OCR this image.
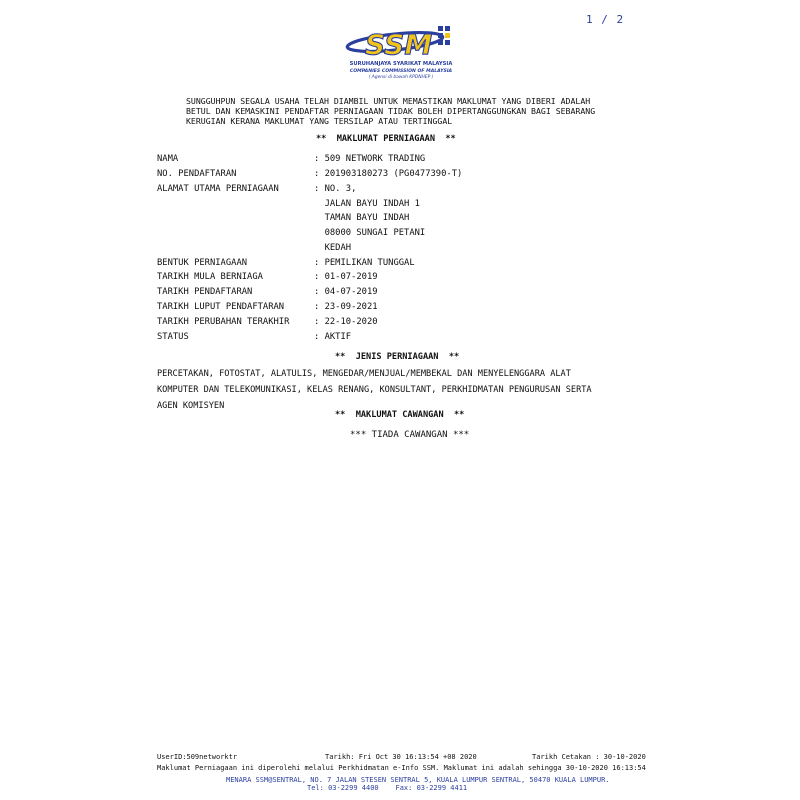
1 / 2
SSM
SURUHANJAYA SYARIKAT MALAYSIA
COMPANIES COMMISSION OF MALAYSIA
( Agensi di bawah KPDNHEP )
SUNGGUHPUN SEGALA USAHA TELAH DIAMBIL UNTUK MEMASTIKAN MAKLUMAT YANG DIBERI ADALAH
BETUL DAN KEMASKINI PENDAFTAR PERNIAGAAN TIDAK BOLEH DIPERTANGGUNGKAN BAGI SEBARANG
KERUGIAN KERANA MAKLUMAT YANG TERSILAP ATAU TERTINGGAL
**  MAKLUMAT PERNIAGAAN  **
NAMA	: 509 NETWORK TRADING
NO. PENDAFTARAN	: 201903180273 (PG0477390-T)
ALAMAT UTAMA PERNIAGAAN	: NO. 3,
JALAN BAYU INDAH 1
TAMAN BAYU INDAH
08000 SUNGAI PETANI
KEDAH
BENTUK PERNIAGAAN	: PEMILIKAN TUNGGAL
TARIKH MULA BERNIAGA	: 01-07-2019
TARIKH PENDAFTARAN	: 04-07-2019
TARIKH LUPUT PENDAFTARAN	: 23-09-2021
TARIKH PERUBAHAN TERAKHIR	: 22-10-2020
STATUS	: AKTIF
**  JENIS PERNIAGAAN  **
PERCETAKAN, FOTOSTAT, ALATULIS, MENGEDAR/MENJUAL/MEMBEKAL DAN MENYELENGGARA ALAT
KOMPUTER DAN TELEKOMUNIKASI, KELAS RENANG, KONSULTANT, PERKHIDMATAN PENGURUSAN SERTA
AGEN KOMISYEN
**  MAKLUMAT CAWANGAN  **
*** TIADA CAWANGAN ***
UserID:509networktr	Tarikh: Fri Oct 30 16:13:54 +08 2020	Tarikh Cetakan : 30-10-2020
Maklumat Perniagaan ini diperolehi melalui Perkhidmatan e-Info SSM. Maklumat ini adalah sehingga 30-10-2020 16:13:54
MENARA SSM@SENTRAL, NO. 7 JALAN STESEN SENTRAL 5, KUALA LUMPUR SENTRAL, 50470 KUALA LUMPUR.
Tel: 03-2299 4400    Fax: 03-2299 4411
